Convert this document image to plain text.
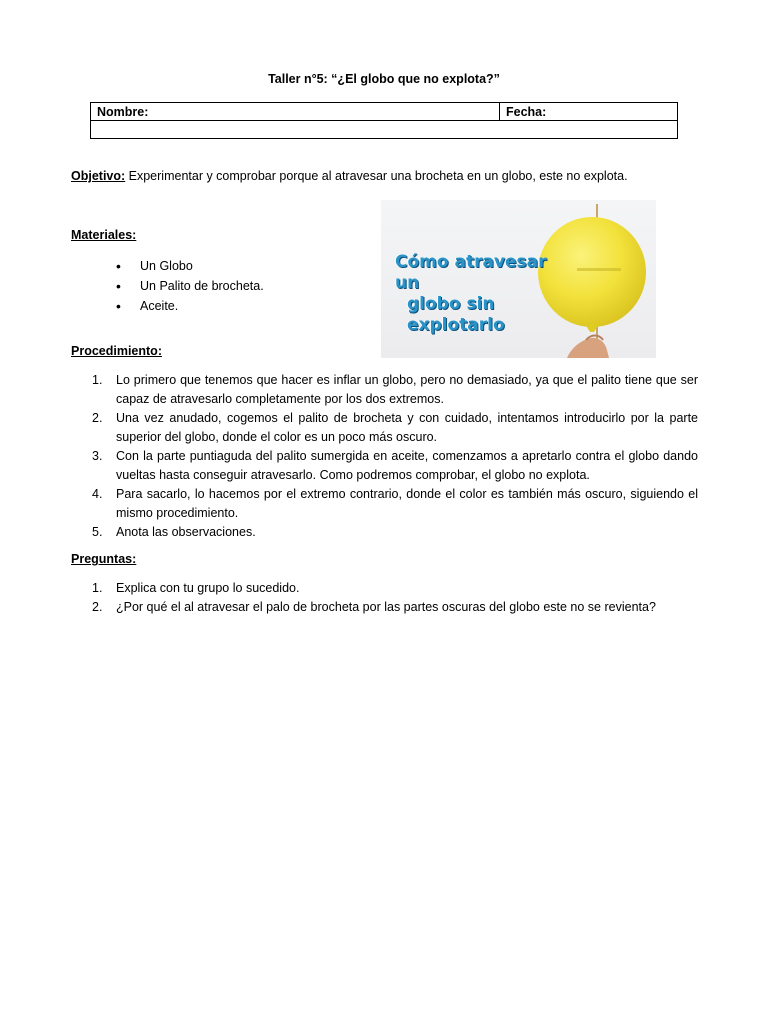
Taller n°5: “¿El globo que no explota?”
Nombre:	Fecha:

Objetivo: Experimentar y comprobar porque al atravesar una brocheta en un globo, este no explota.
Materiales:
• Un Globo
• Un Palito de brocheta.
• Aceite.
Cómo atravesar un
globo sin explotarlo
Procedimiento:
1. Lo primero que tenemos que hacer es inflar un globo, pero no demasiado, ya que el palito tiene que ser capaz de atravesarlo completamente por los dos extremos.
2. Una vez anudado, cogemos el palito de brocheta y con cuidado, intentamos introducirlo por la parte superior del globo, donde el color es un poco más oscuro.
3. Con la parte puntiaguda del palito sumergida en aceite, comenzamos a apretarlo contra el globo dando vueltas hasta conseguir atravesarlo. Como podremos comprobar, el globo no explota.
4. Para sacarlo, lo hacemos por el extremo contrario, donde el color es también más oscuro, siguiendo el mismo procedimiento.
5. Anota las observaciones.
Preguntas:
1. Explica con tu grupo lo sucedido.
2. ¿Por qué el al atravesar el palo de brocheta por las partes oscuras del globo este no se revienta?
